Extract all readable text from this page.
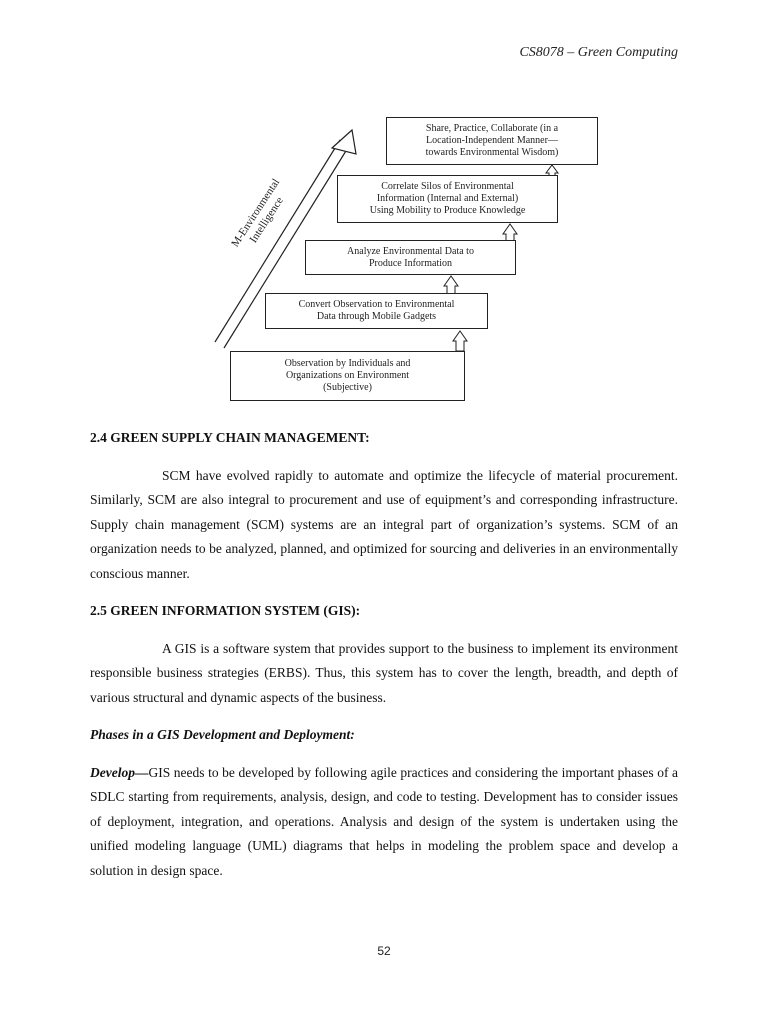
CS8078 – Green Computing
M-Environmental
Intelligence
Share, Practice, Collaborate (in a
Location-Independent Manner—
towards Environmental Wisdom)
Correlate Silos of Environmental
Information (Internal and External)
Using Mobility to Produce Knowledge
Analyze Environmental Data to
Produce Information
Convert Observation to Environmental
Data through Mobile Gadgets
Observation by Individuals and
Organizations on Environment
(Subjective)

2.4 GREEN SUPPLY CHAIN MANAGEMENT:

SCM have evolved rapidly to automate and optimize the lifecycle of material procurement. Similarly, SCM are also integral to procurement and use of equipment’s and corresponding infrastructure. Supply chain management (SCM) systems are an integral part of organization’s systems. SCM of an organization needs to be analyzed, planned, and optimized for sourcing and deliveries in an environmentally conscious manner.

2.5 GREEN INFORMATION SYSTEM (GIS):

A GIS is a software system that provides support to the business to implement its environment responsible business strategies (ERBS). Thus, this system has to cover the length, breadth, and depth of various structural and dynamic aspects of the business.

Phases in a GIS Development and Deployment:

Develop—GIS needs to be developed by following agile practices and considering the important phases of a SDLC starting from requirements, analysis, design, and code to testing. Development has to consider issues of deployment, integration, and operations. Analysis and design of the system is undertaken using the unified modeling language (UML) diagrams that helps in modeling the problem space and develop a solution in design space.

52
